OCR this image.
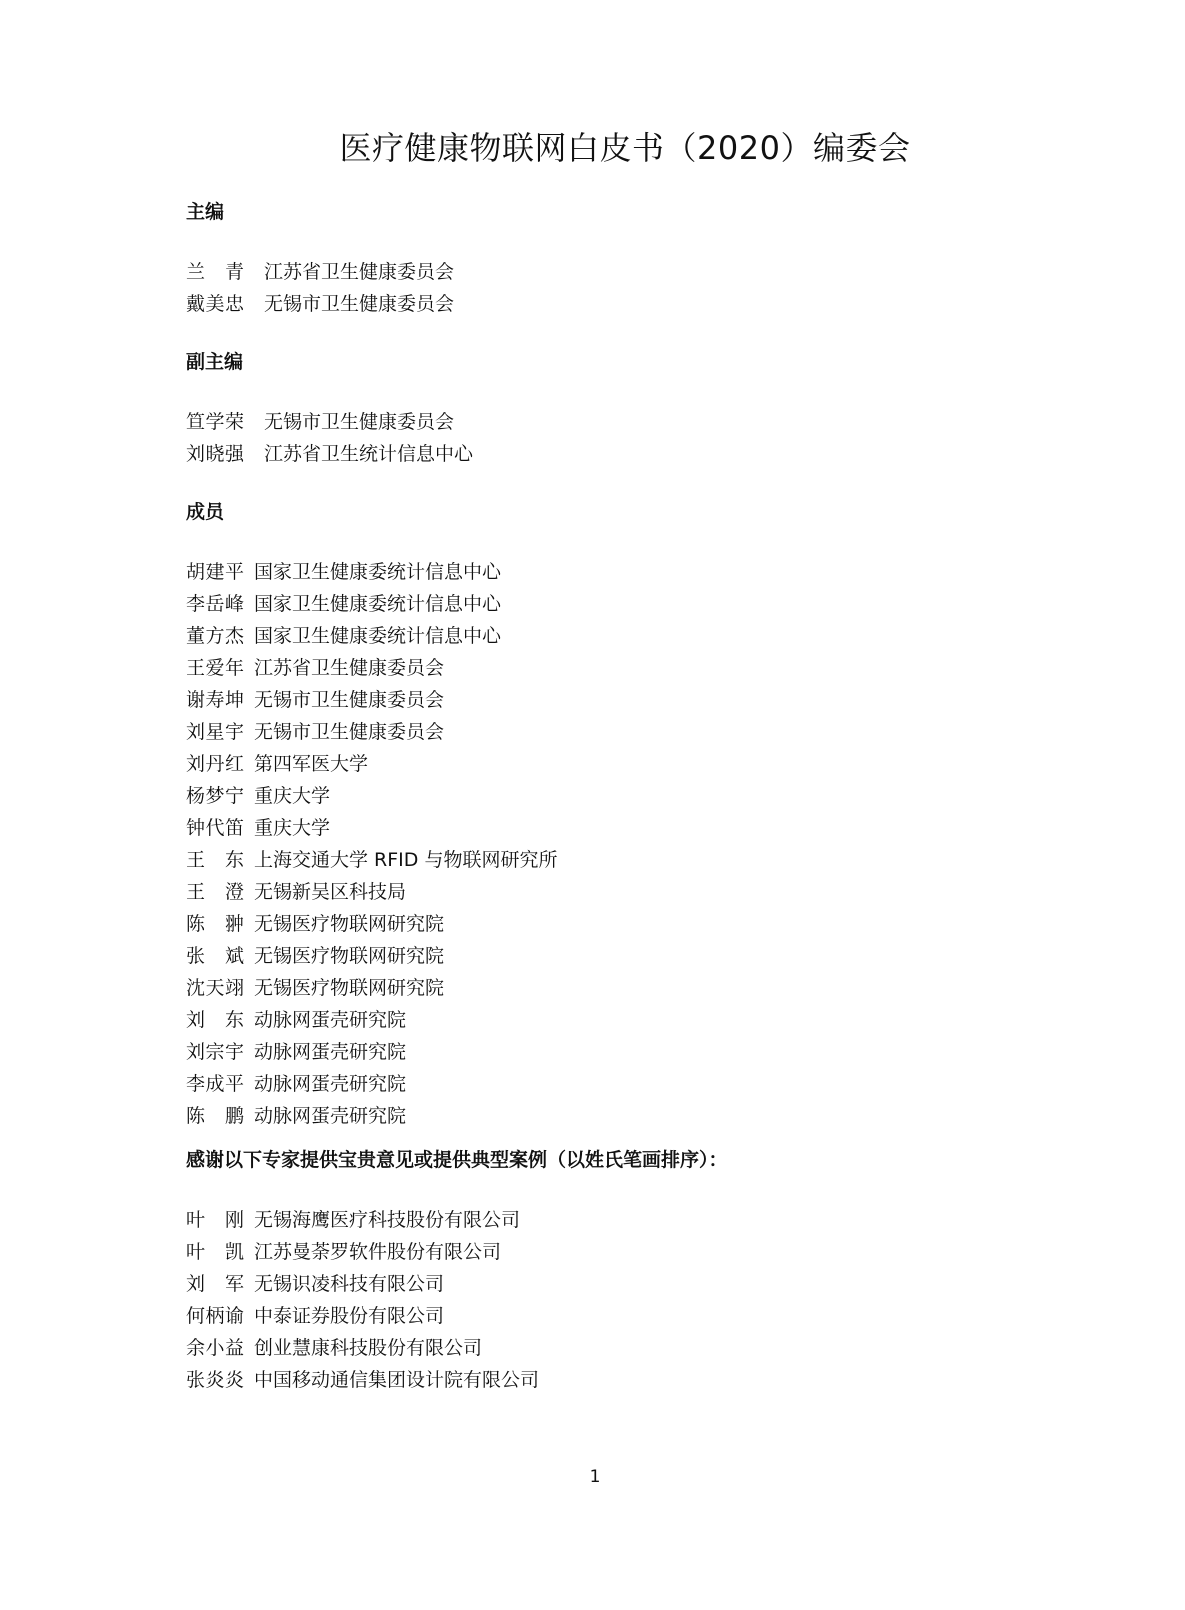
医疗健康物联网白皮书（2020）编委会
主编
兰青 江苏省卫生健康委员会
戴美忠 无锡市卫生健康委员会
副主编
笪学荣 无锡市卫生健康委员会
刘晓强 江苏省卫生统计信息中心
成员
胡建平 国家卫生健康委统计信息中心
李岳峰 国家卫生健康委统计信息中心
董方杰 国家卫生健康委统计信息中心
王爱年 江苏省卫生健康委员会
谢寿坤 无锡市卫生健康委员会
刘星宇 无锡市卫生健康委员会
刘丹红 第四军医大学
杨梦宁 重庆大学
钟代笛 重庆大学
王东 上海交通大学 RFID 与物联网研究所
王澄 无锡新吴区科技局
陈翀 无锡医疗物联网研究院
张斌 无锡医疗物联网研究院
沈天翊 无锡医疗物联网研究院
刘东 动脉网蛋壳研究院
刘宗宇 动脉网蛋壳研究院
李成平 动脉网蛋壳研究院
陈鹏 动脉网蛋壳研究院
感谢以下专家提供宝贵意见或提供典型案例（以姓氏笔画排序）：
叶刚 无锡海鹰医疗科技股份有限公司
叶凯 江苏曼荼罗软件股份有限公司
刘军 无锡识凌科技有限公司
何柄谕 中泰证券股份有限公司
余小益 创业慧康科技股份有限公司
张炎炎 中国移动通信集团设计院有限公司
1
